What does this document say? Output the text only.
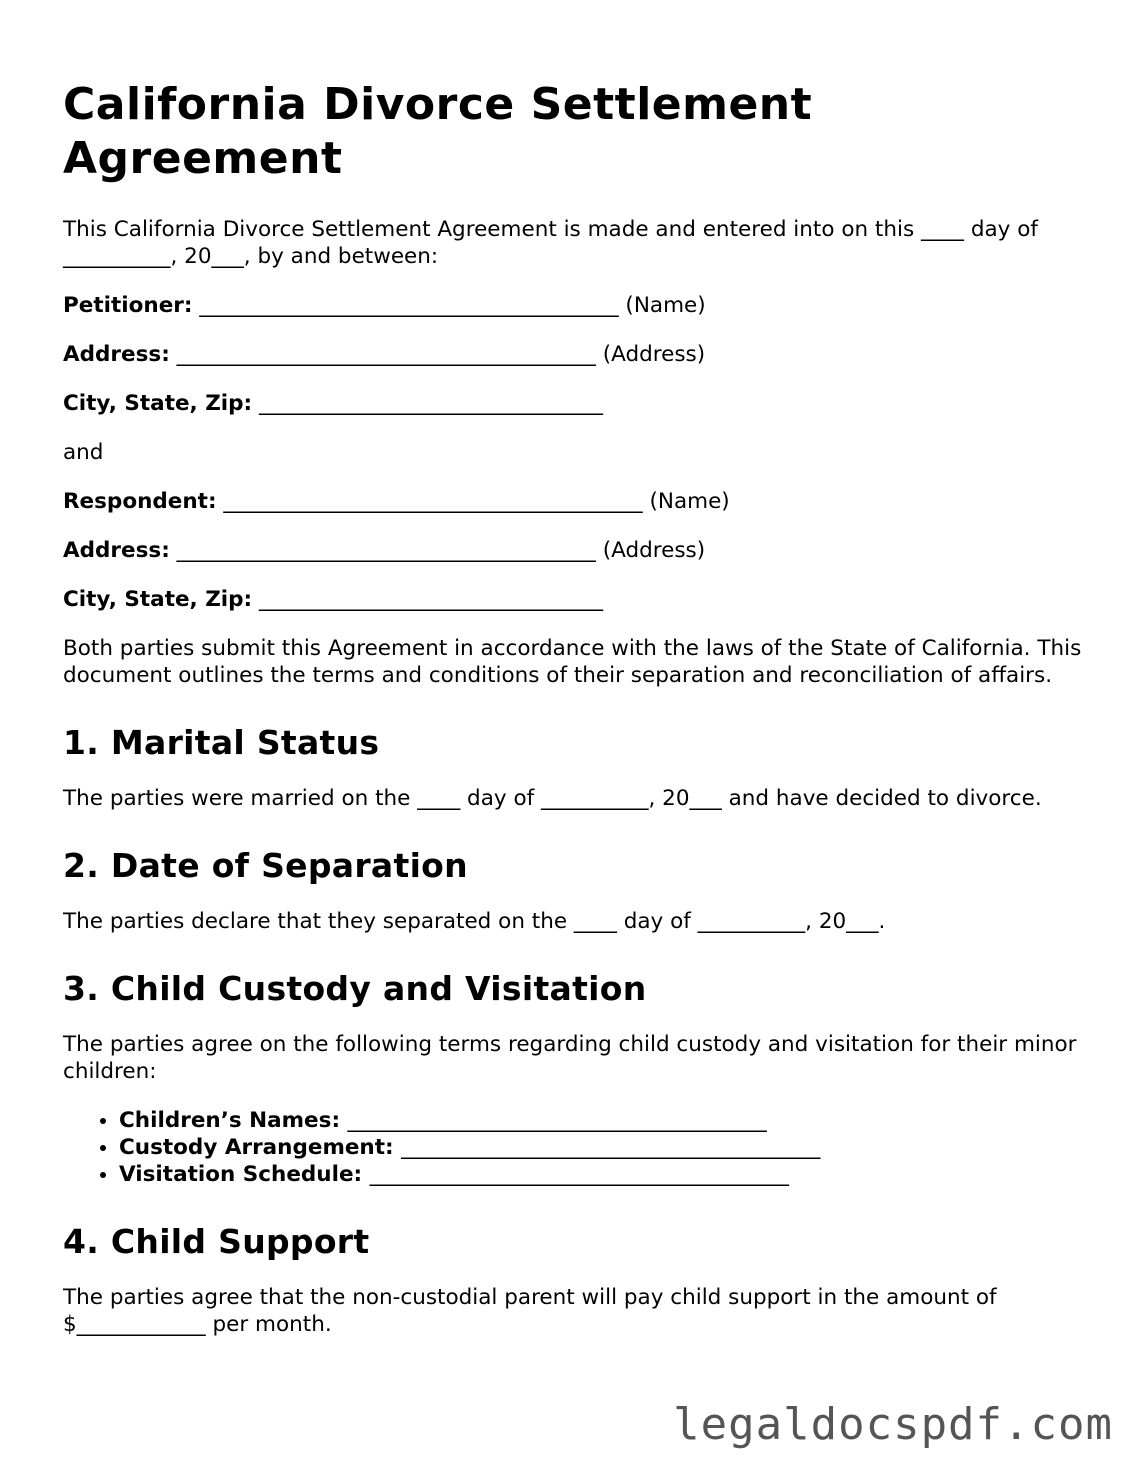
California Divorce Settlement Agreement

This California Divorce Settlement Agreement is made and entered into on this ____ day of __________, 20___, by and between:

Petitioner: _______________________________________ (Name)
Address: _______________________________________ (Address)
City, State, Zip: ________________________________

and

Respondent: _______________________________________ (Name)
Address: _______________________________________ (Address)
City, State, Zip: ________________________________

Both parties submit this Agreement in accordance with the laws of the State of California. This document outlines the terms and conditions of their separation and reconciliation of affairs.

1. Marital Status

The parties were married on the ____ day of __________, 20___ and have decided to divorce.

2. Date of Separation

The parties declare that they separated on the ____ day of __________, 20___.

3. Child Custody and Visitation

The parties agree on the following terms regarding child custody and visitation for their minor children:

• Children’s Names: _______________________________________
• Custody Arrangement: _______________________________________
• Visitation Schedule: _______________________________________
4. Child Support

The parties agree that the non-custodial parent will pay child support in the amount of $____________ per month.

legaldocspdf.com
